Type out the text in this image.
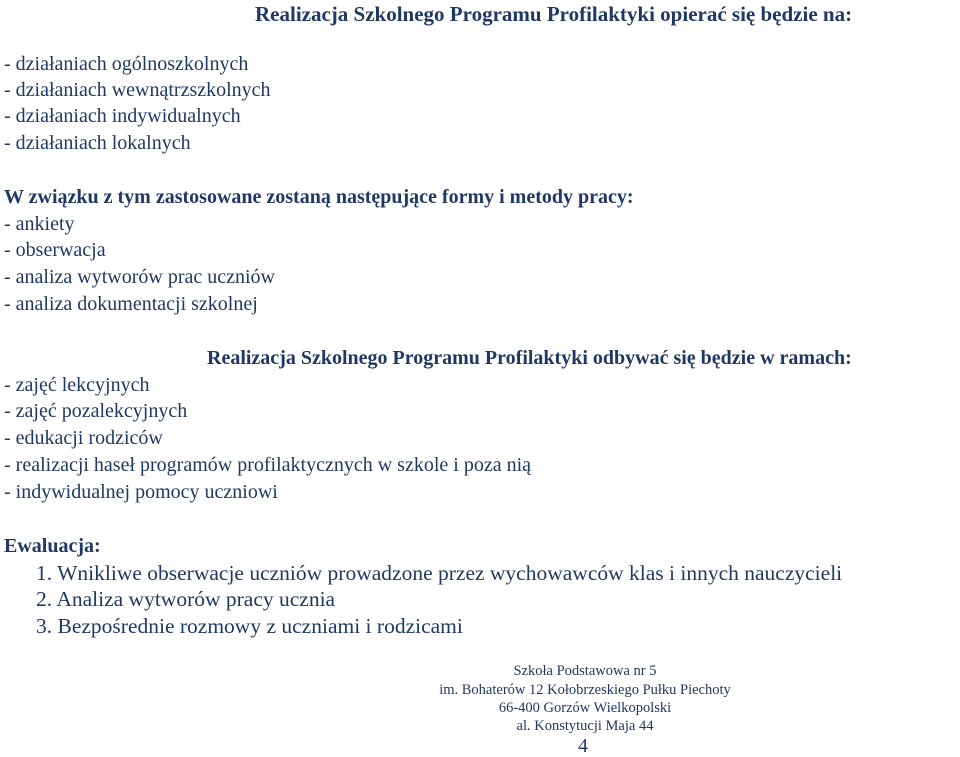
Realizacja Szkolnego Programu Profilaktyki opierać się będzie na:
- działaniach ogólnoszkolnych
- działaniach wewnątrzszkolnych
- działaniach indywidualnych
- działaniach lokalnych
W związku z tym zastosowane zostaną następujące formy i metody pracy:
- ankiety
- obserwacja
- analiza wytworów prac uczniów
- analiza dokumentacji szkolnej
Realizacja Szkolnego Programu Profilaktyki odbywać się będzie w ramach:
- zajęć lekcyjnych
- zajęć pozalekcyjnych
- edukacji rodziców
- realizacji haseł programów profilaktycznych w szkole i poza nią
- indywidualnej pomocy uczniowi
Ewaluacja:
1. Wnikliwe obserwacje uczniów prowadzone przez wychowawców klas i innych nauczycieli
2. Analiza wytworów pracy ucznia
3. Bezpośrednie rozmowy z uczniami i rodzicami
Szkoła Podstawowa nr 5
im. Bohaterów 12 Kołobrzeskiego Pułku Piechoty
66-400 Gorzów Wielkopolski
al. Konstytucji Maja 44
4
